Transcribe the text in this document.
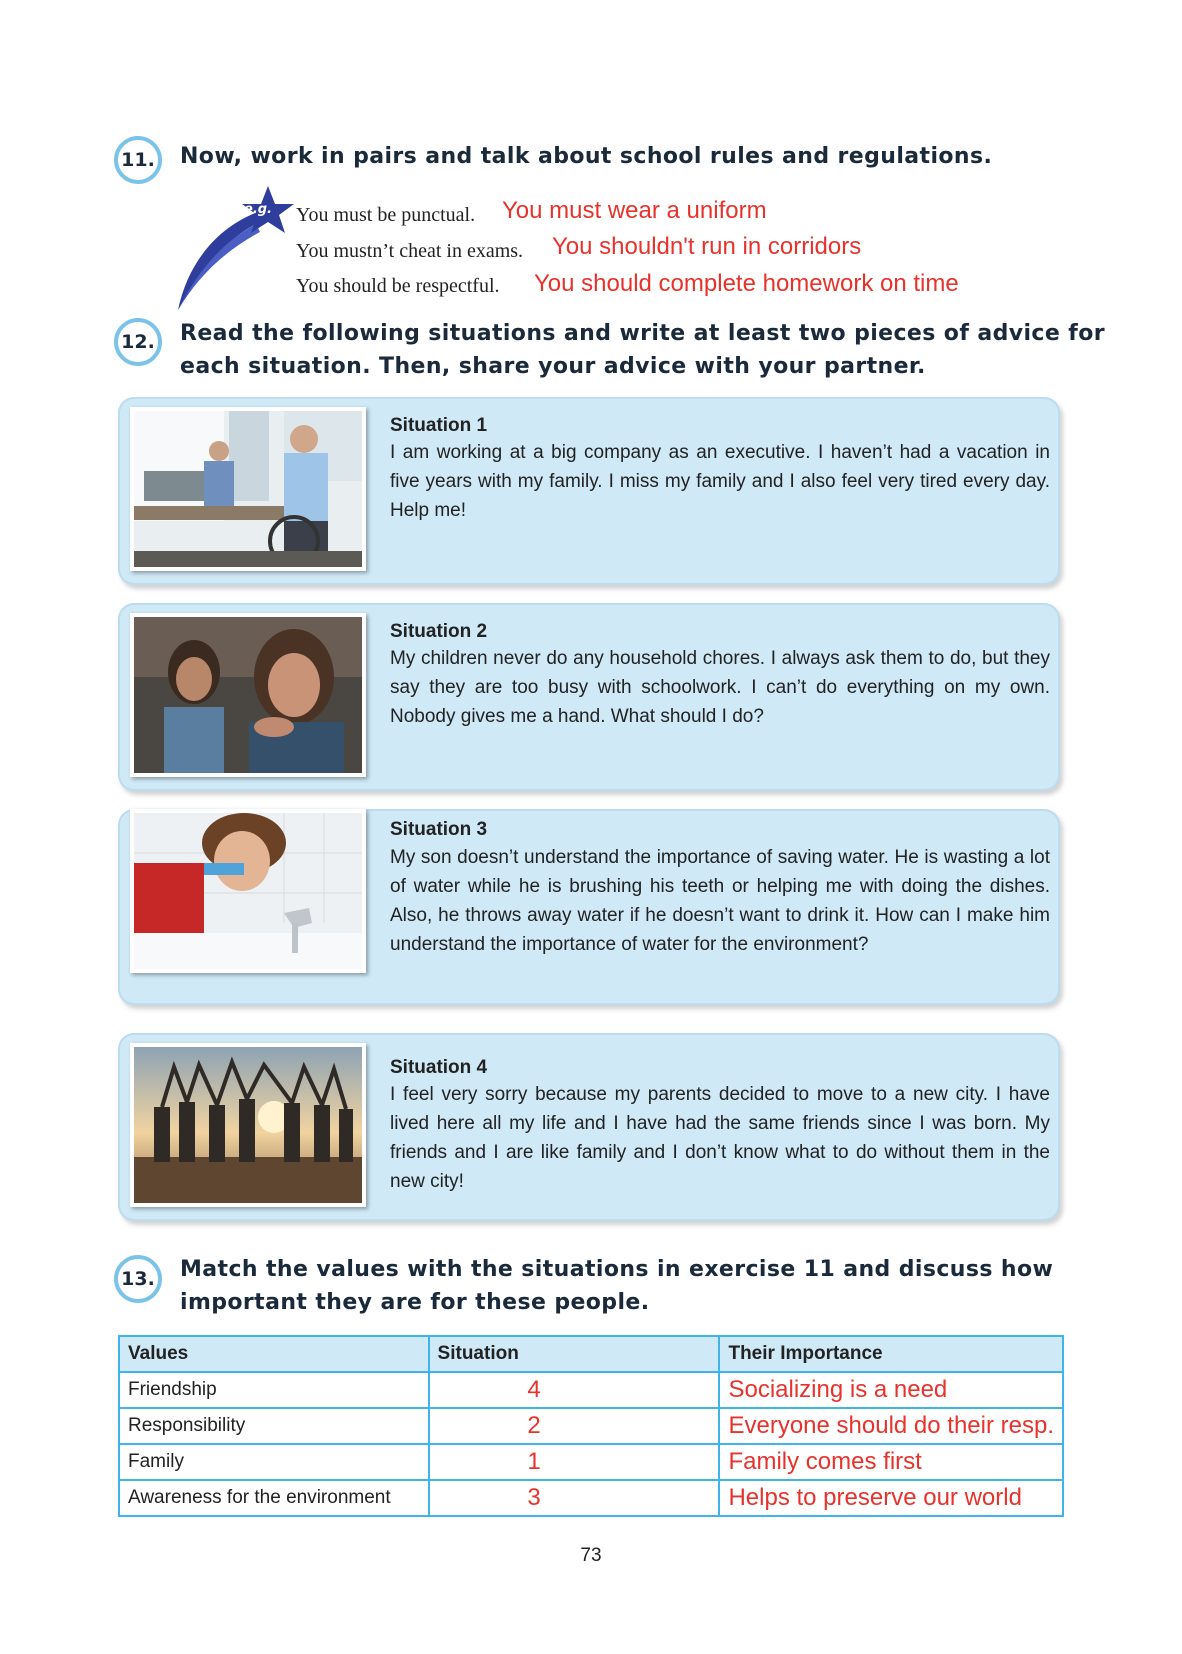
11.	Now, work in pairs and talk about school rules and regulations.
e.g. You must be punctual. You must wear a uniform
You mustn’t cheat in exams. You shouldn't run in corridors
You should be respectful. You should complete homework on time
12.	Read the following situations and write at least two pieces of advice for
each situation. Then, share your advice with your partner.
Situation 1
I am working at a big company as an executive. I haven’t had a vacation in five years with my family. I miss my family and I also feel very tired every day. Help me!
Situation 2
My children never do any household chores. I always ask them to do, but they say they are too busy with schoolwork. I can’t do everything on my own. Nobody gives me a hand. What should I do?
Situation 3
My son doesn’t understand the importance of saving water. He is wasting a lot of water while he is brushing his teeth or helping me with doing the dishes. Also, he throws away water if he doesn’t want to drink it. How can I make him understand the importance of water for the environment?
Situation 4
I feel very sorry because my parents decided to move to a new city. I have lived here all my life and I have had the same friends since I was born. My friends and I are like family and I don’t know what to do without them in the new city!
13.	Match the values with the situations in exercise 11 and discuss how
important they are for these people.
Values	Situation	Their Importance
Friendship	4	Socializing is a need
Responsibility	2	Everyone should do their resp.
Family	1	Family comes first
Awareness for the environment	3	Helps to preserve our world
73
